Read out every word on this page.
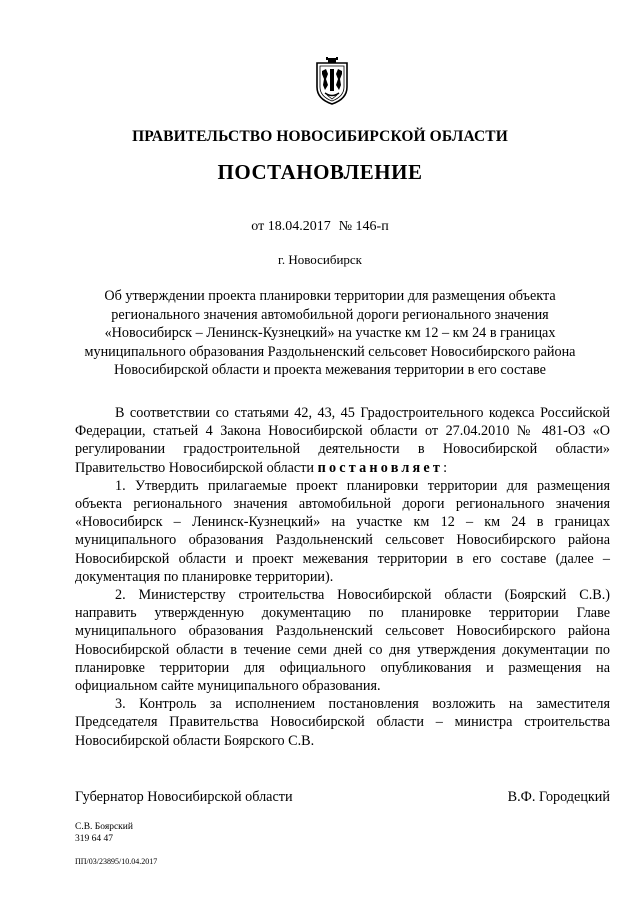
ПРАВИТЕЛЬСТВО НОВОСИБИРСКОЙ ОБЛАСТИ
ПОСТАНОВЛЕНИЕ
от 18.04.2017 № 146-п
г. Новосибирск
Об утверждении проекта планировки территории для размещения объекта
регионального значения автомобильной дороги регионального значения
«Новосибирск – Ленинск-Кузнецкий» на участке км 12 – км 24 в границах
муниципального образования Раздольненский сельсовет Новосибирского района
Новосибирской области и проекта межевания территории в его составе

В соответствии со статьями 42, 43, 45 Градостроительного кодекса Российской Федерации, статьей 4 Закона Новосибирской области от 27.04.2010 № 481-ОЗ «О регулировании градостроительной деятельности в Новосибирской области» Правительство Новосибирской области постановляет:

1. Утвердить прилагаемые проект планировки территории для размещения объекта регионального значения автомобильной дороги регионального значения «Новосибирск – Ленинск-Кузнецкий» на участке км 12 – км 24 в границах муниципального образования Раздольненский сельсовет Новосибирского района Новосибирской области и проект межевания территории в его составе (далее – документация по планировке территории).

2. Министерству строительства Новосибирской области (Боярский С.В.) направить утвержденную документацию по планировке территории Главе муниципального образования Раздольненский сельсовет Новосибирского района Новосибирской области в течение семи дней со дня утверждения документации по планировке территории для официального опубликования и размещения на официальном сайте муниципального образования.

3. Контроль за исполнением постановления возложить на заместителя Председателя Правительства Новосибирской области – министра строительства Новосибирской области Боярского С.В.

Губернатор Новосибирской области	В.Ф. Городецкий
С.В. Боярский
319 64 47
ПП/03/23895/10.04.2017
